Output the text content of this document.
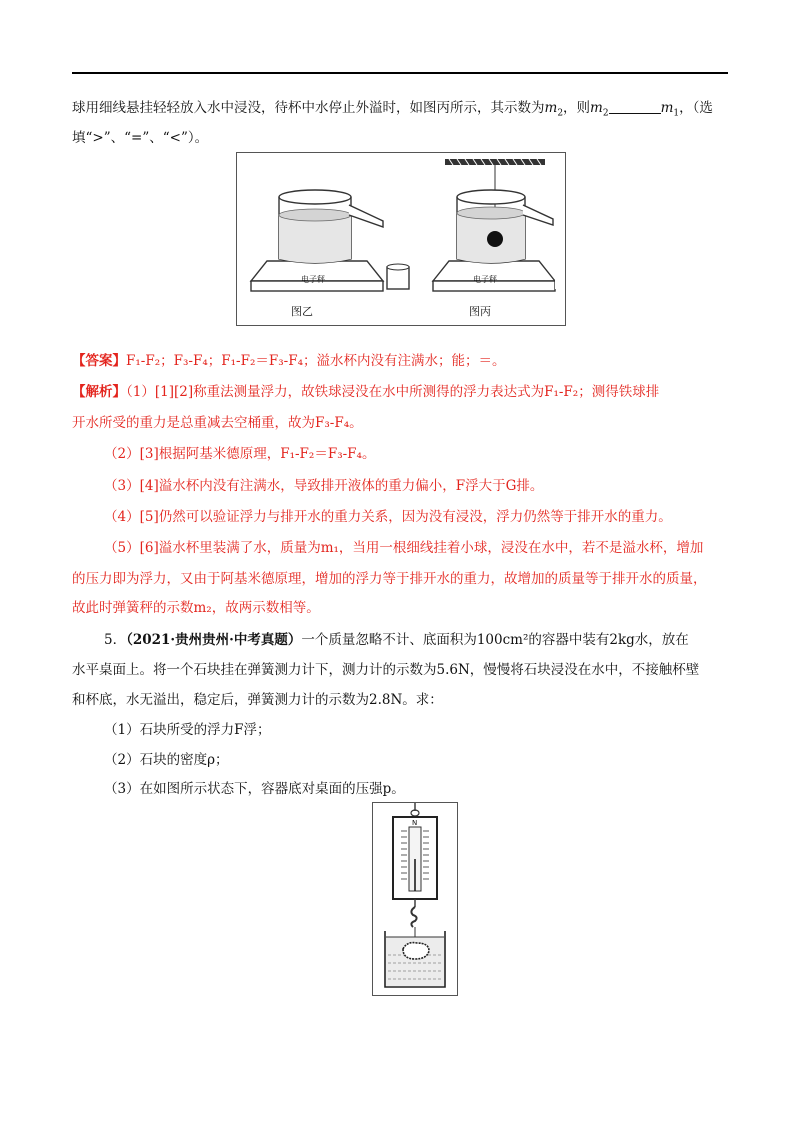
球用细线悬挂轻轻放入水中浸没，待杯中水停止外溢时，如图丙所示，其示数为$m_2$，则$m_2$	$m_1$，（选
填“>”、“=”、“<”）。
电子秤	电子秤
图乙	图丙
【答案】F₁-F₂；F₃-F₄；F₁-F₂＝F₃-F₄；溢水杯内没有注满水；能；＝。
【解析】（1）[1][2]称重法测量浮力，故铁球浸没在水中所测得的浮力表达式为F₁-F₂；测得铁球排
开水所受的重力是总重减去空桶重，故为F₃-F₄。
（2）[3]根据阿基米德原理，F₁-F₂＝F₃-F₄。
（3）[4]溢水杯内没有注满水，导致排开液体的重力偏小，F浮大于G排。
（4）[5]仍然可以验证浮力与排开水的重力关系，因为没有浸没，浮力仍然等于排开水的重力。
（5）[6]溢水杯里装满了水，质量为m₁，当用一根细线挂着小球，浸没在水中，若不是溢水杯，增加
的压力即为浮力，又由于阿基米德原理，增加的浮力等于排开水的重力，故增加的质量等于排开水的质量，
故此时弹簧秤的示数m₂，故两示数相等。
5．（2021·贵州贵州·中考真题）一个质量忽略不计、底面积为100cm²的容器中装有2kg水，放在
水平桌面上。将一个石块挂在弹簧测力计下，测力计的示数为5.6N，慢慢将石块浸没在水中，不接触杯壁
和杯底，水无溢出，稳定后，弹簧测力计的示数为2.8N。求：
（1）石块所受的浮力F浮；
（2）石块的密度ρ；
（3）在如图所示状态下，容器底对桌面的压强p。
N
